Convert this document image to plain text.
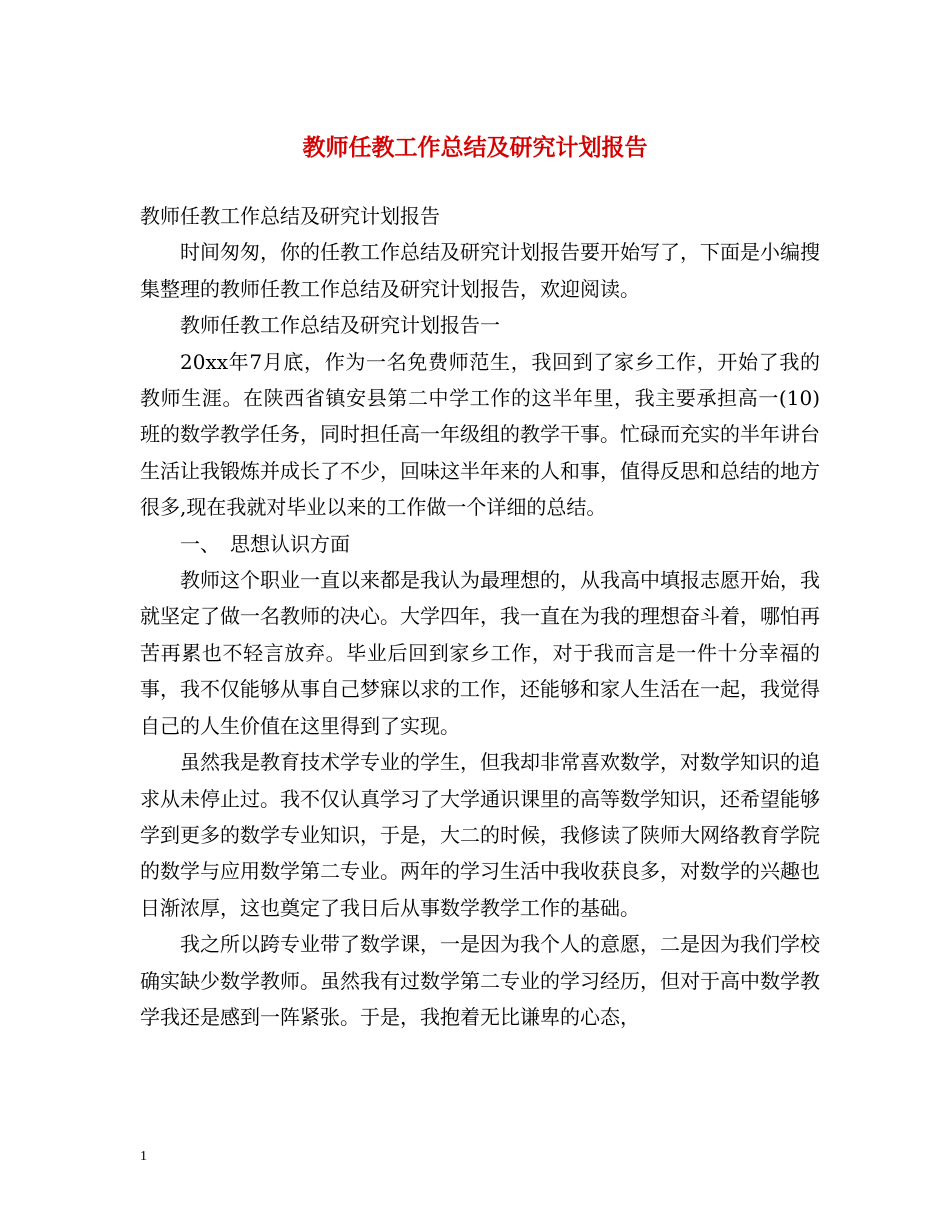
教师任教工作总结及研究计划报告

教师任教工作总结及研究计划报告

时间匆匆，你的任教工作总结及研究计划报告要开始写了，下面是小编搜集整理的教师任教工作总结及研究计划报告，欢迎阅读。

教师任教工作总结及研究计划报告一

20xx年7月底，作为一名免费师范生，我回到了家乡工作，开始了我的教师生涯。在陕西省镇安县第二中学工作的这半年里，我主要承担高一(10)班的数学教学任务，同时担任高一年级组的教学干事。忙碌而充实的半年讲台生活让我锻炼并成长了不少，回味这半年来的人和事，值得反思和总结的地方很多,现在我就对毕业以来的工作做一个详细的总结。

一、　思想认识方面

教师这个职业一直以来都是我认为最理想的，从我高中填报志愿开始，我就坚定了做一名教师的决心。大学四年，我一直在为我的理想奋斗着，哪怕再苦再累也不轻言放弃。毕业后回到家乡工作，对于我而言是一件十分幸福的事，我不仅能够从事自己梦寐以求的工作，还能够和家人生活在一起，我觉得自己的人生价值在这里得到了实现。

虽然我是教育技术学专业的学生，但我却非常喜欢数学，对数学知识的追求从未停止过。我不仅认真学习了大学通识课里的高等数学知识，还希望能够学到更多的数学专业知识，于是，大二的时候，我修读了陕师大网络教育学院的数学与应用数学第二专业。两年的学习生活中我收获良多，对数学的兴趣也日渐浓厚，这也奠定了我日后从事数学教学工作的基础。

我之所以跨专业带了数学课，一是因为我个人的意愿，二是因为我们学校确实缺少数学教师。虽然我有过数学第二专业的学习经历，但对于高中数学教学我还是感到一阵紧张。于是，我抱着无比谦卑的心态，

1
